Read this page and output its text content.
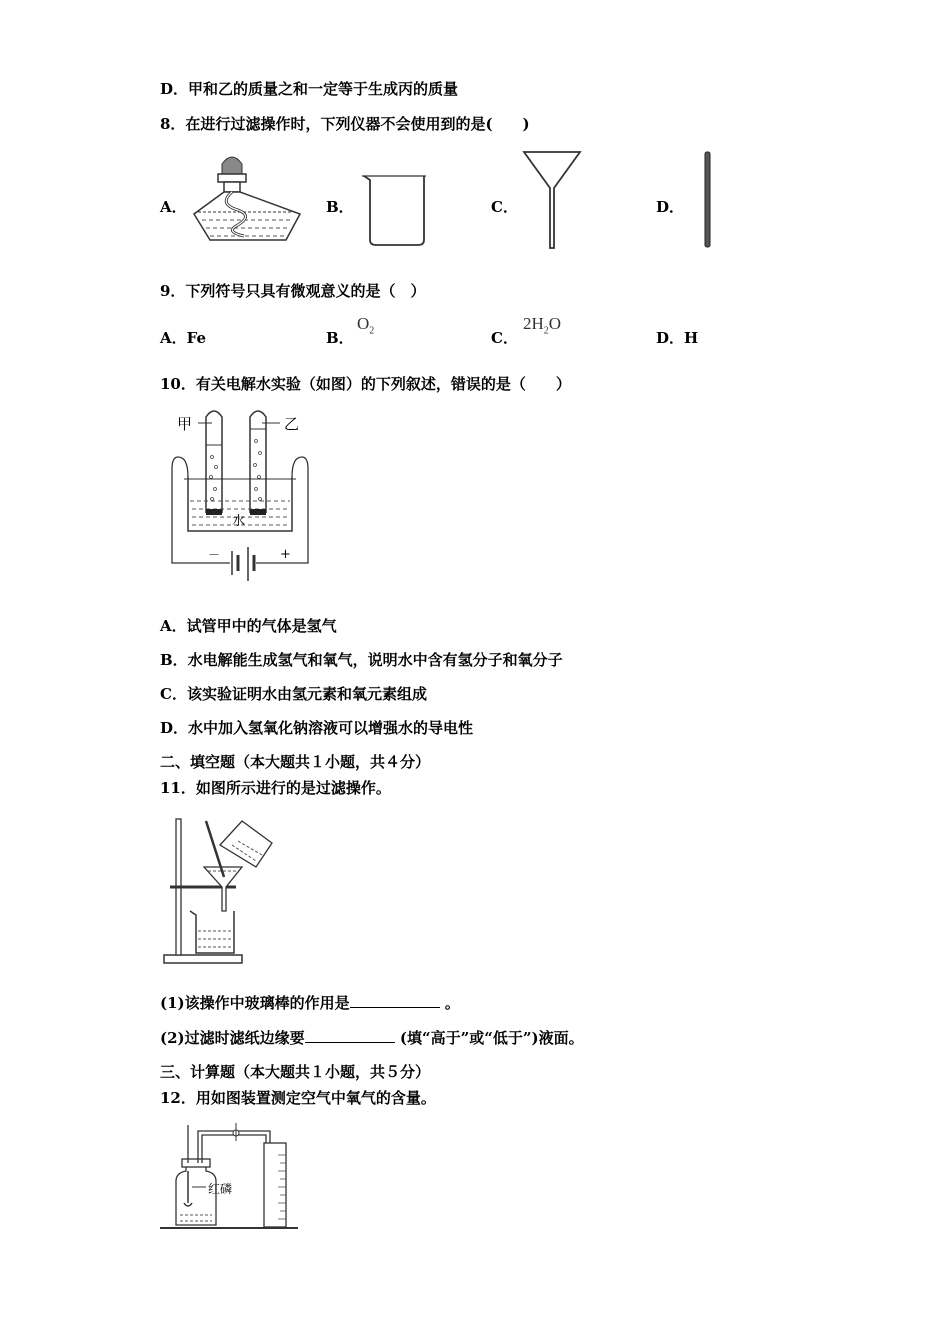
D．甲和乙的质量之和一定等于生成丙的质量
8．在进行过滤操作时，下列仪器不会使用到的是(　　)
A．	B．	C．	D．
9．下列符号只具有微观意义的是（　）
A．Fe	B．
$O_2$	C．
$2H_2O$
D．H
10．有关电解水实验（如图）的下列叙述，错误的是（　　）
甲	乙
水
－	+
A．试管甲中的气体是氢气
B．水电解能生成氢气和氧气，说明水中含有氢分子和氧分子
C．该实验证明水由氢元素和氧元素组成
D．水中加入氢氧化钠溶液可以增强水的导电性
二、填空题（本大题共１小题，共４分）
11．如图所示进行的是过滤操作。
(1)该操作中玻璃棒的作用是	。
(2)过滤时滤纸边缘要	(填“高于”或“低于”)液面。
三、计算题（本大题共１小题，共５分）
12．用如图装置测定空气中氧气的含量。
红磷
